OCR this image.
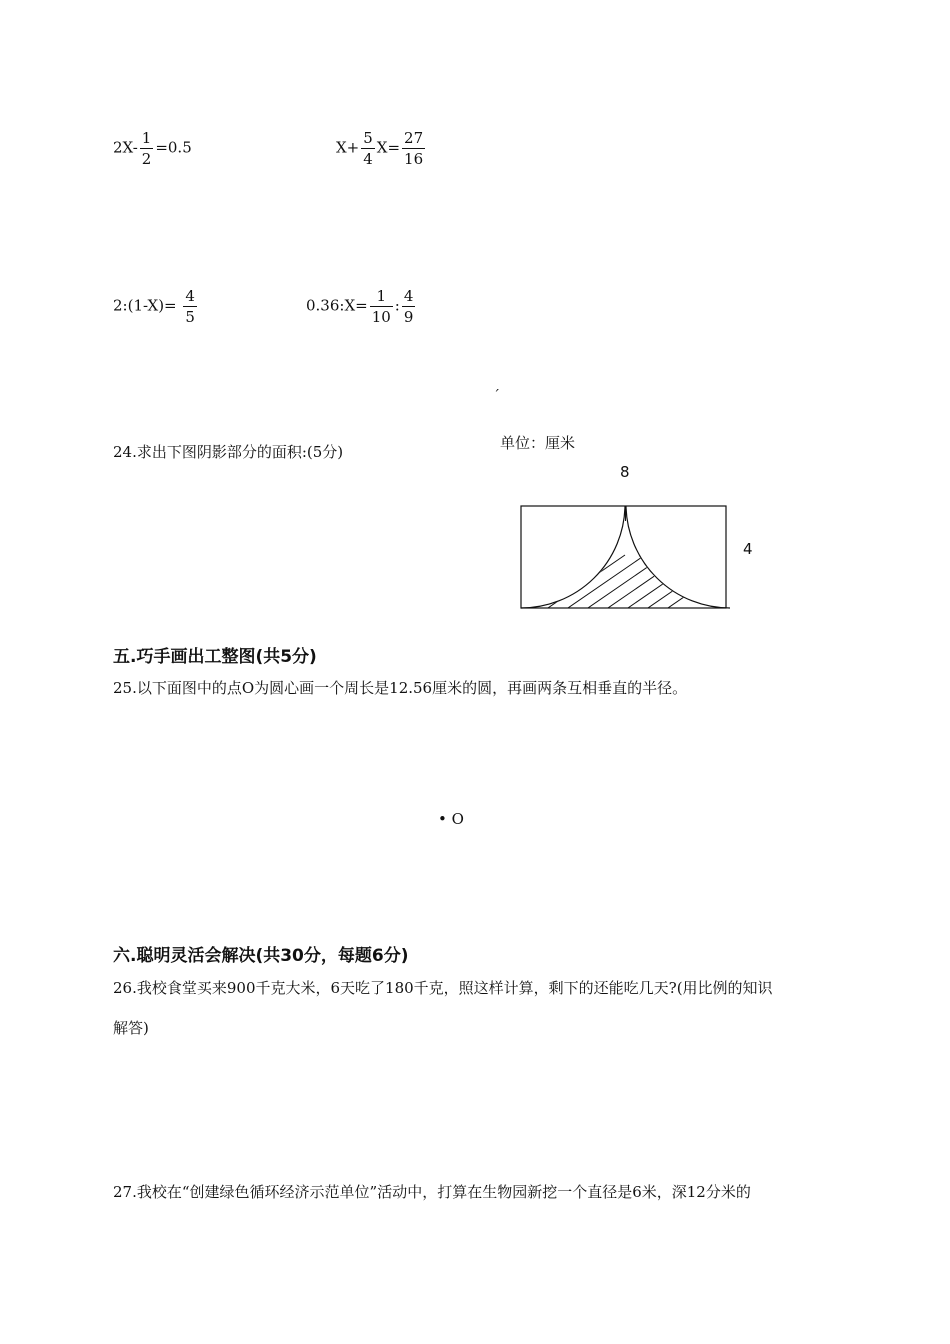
$2X- \frac{1}{2} =0.5$	$X+ \frac{5}{4} X= \frac{27}{16}$
2:(1-X)= $\frac{4}{5}$	0.36:X= $\frac{1}{10}$ : $\frac{4}{9}$
ˊ
单位：厘米
24.求出下图阴影部分的面积:(5分)
8
4
五.巧手画出工整图(共5分)
25.以下面图中的点O为圆心画一个周长是12.56厘米的圆，再画两条互相垂直的半径。
• O
六.聪明灵活会解决(共30分，每题6分)
26.我校食堂买来900千克大米，6天吃了180千克，照这样计算，剩下的还能吃几天?(用比例的知识
解答)
27.我校在“创建绿色循环经济示范单位”活动中，打算在生物园新挖一个直径是6米，深12分米的
